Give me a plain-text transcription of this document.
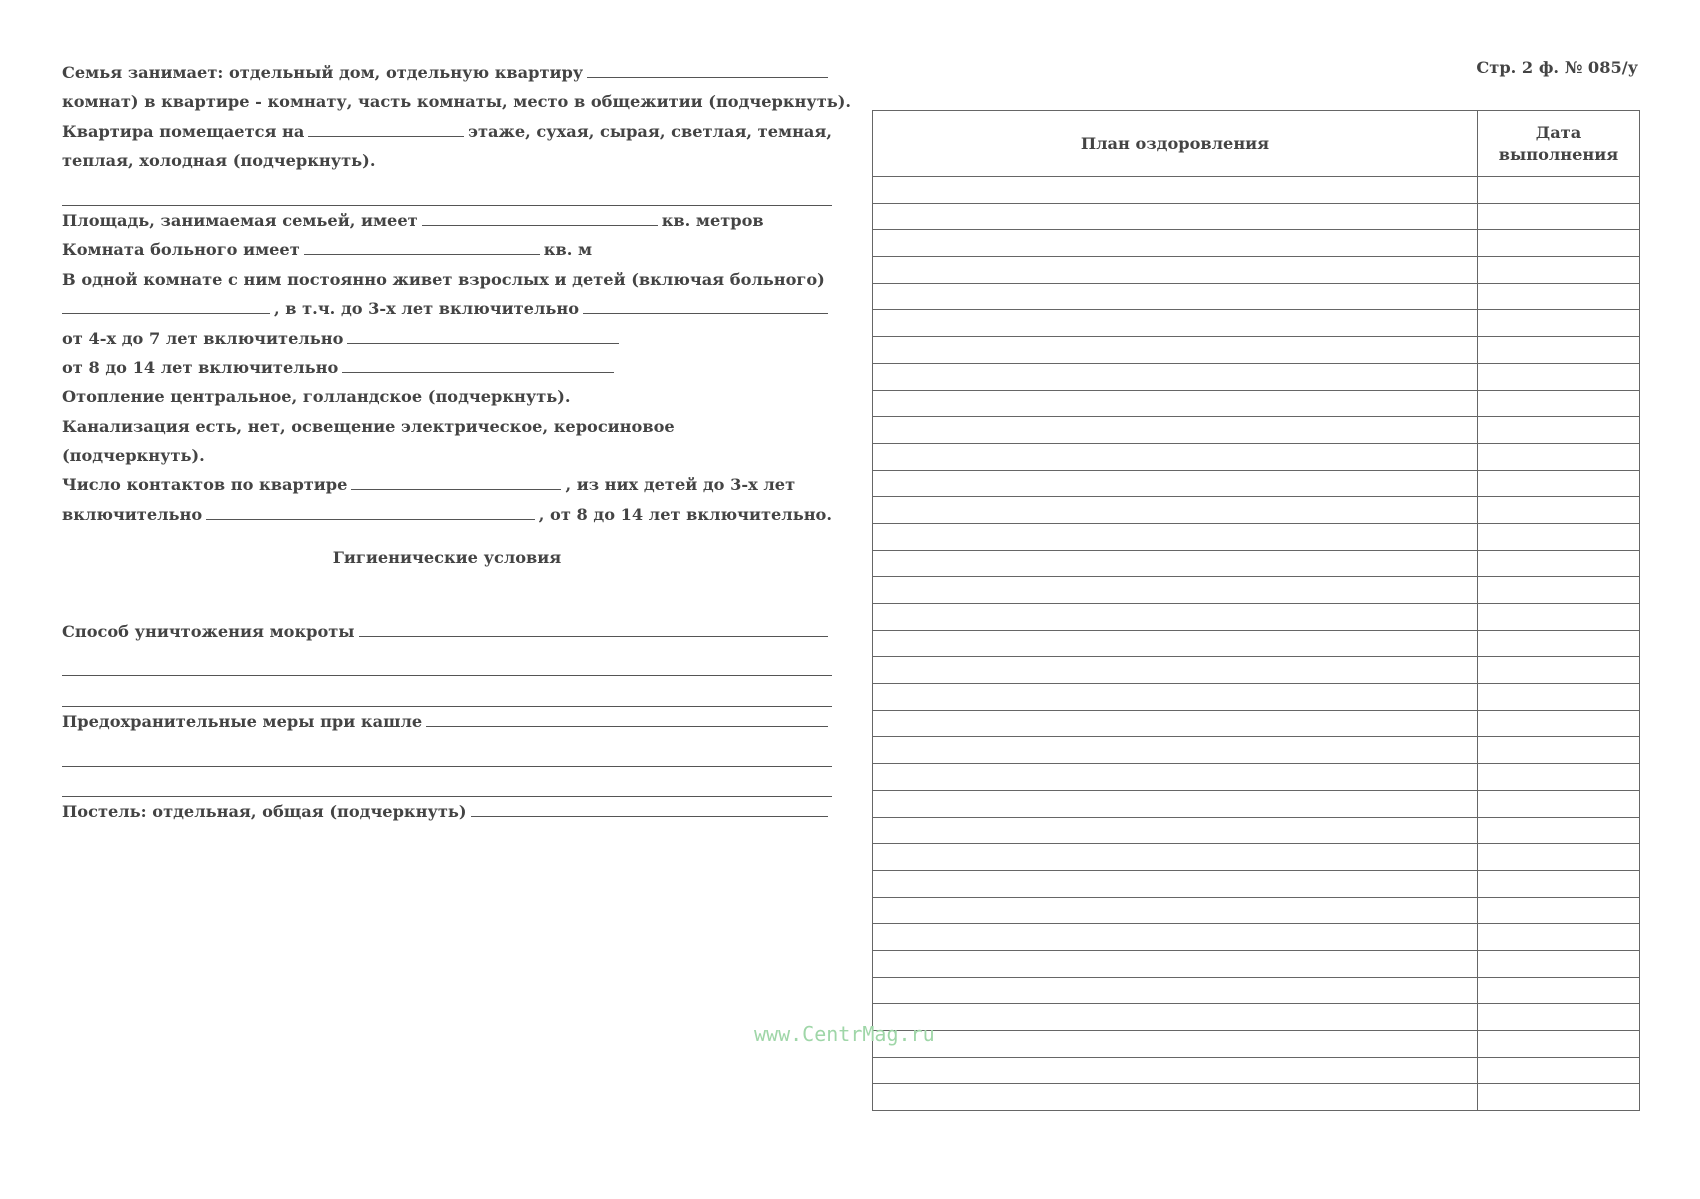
Стр. 2 ф. № 085/у
Семья занимает: отдельный дом, отдельную квартиру
комнат) в квартире - комнату, часть комнаты, место в общежитии (подчеркнуть).
Квартира помещается на	этаже, сухая, сырая, светлая, темная,
теплая, холодная (подчеркнуть).
Площадь, занимаемая семьей, имеет	кв. метров
Комната больного имеет	кв. м
В одной комнате с ним постоянно живет взрослых и детей (включая больного)
, в т.ч. до 3-х лет включительно
от 4-х до 7 лет включительно
от 8 до 14 лет включительно
Отопление центральное, голландское (подчеркнуть).
Канализация есть, нет, освещение электрическое, керосиновое
(подчеркнуть).
Число контактов по квартире	, из них детей до 3-х лет
включительно	, от 8 до 14 лет включительно.
Гигиенические условия
Способ уничтожения мокроты
Предохранительные меры при кашле
Постель: отдельная, общая (подчеркнуть)
План оздоровления	Дата
выполнения

www.CentrMag.ru
